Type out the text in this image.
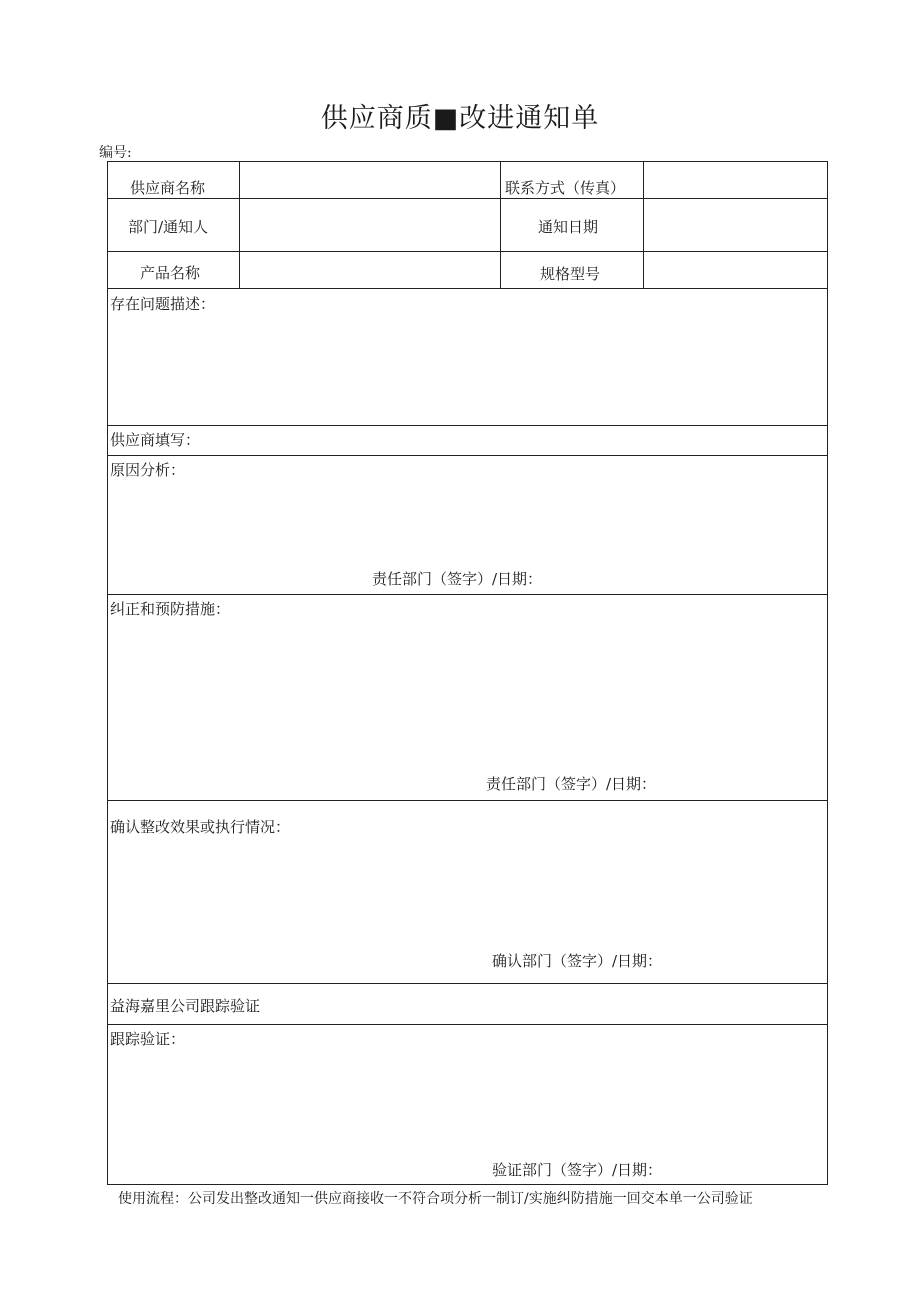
供应商质■改进通知单
编号:
供应商名称	联系方式（传真）
部门/通知人	通知日期
产品名称	规格型号
存在问题描述：
供应商填写：
原因分析：
责任部门（签字）/日期：
纠正和预防措施：
责任部门（签字）/日期：
确认整改效果或执行情况：
确认部门（签字）/日期：
益海嘉里公司跟踪验证
跟踪验证：
验证部门（签字）/日期：
使用流程：公司发出整改通知一供应商接收一不符合项分析一制订/实施纠防措施一回交本单一公司验证
